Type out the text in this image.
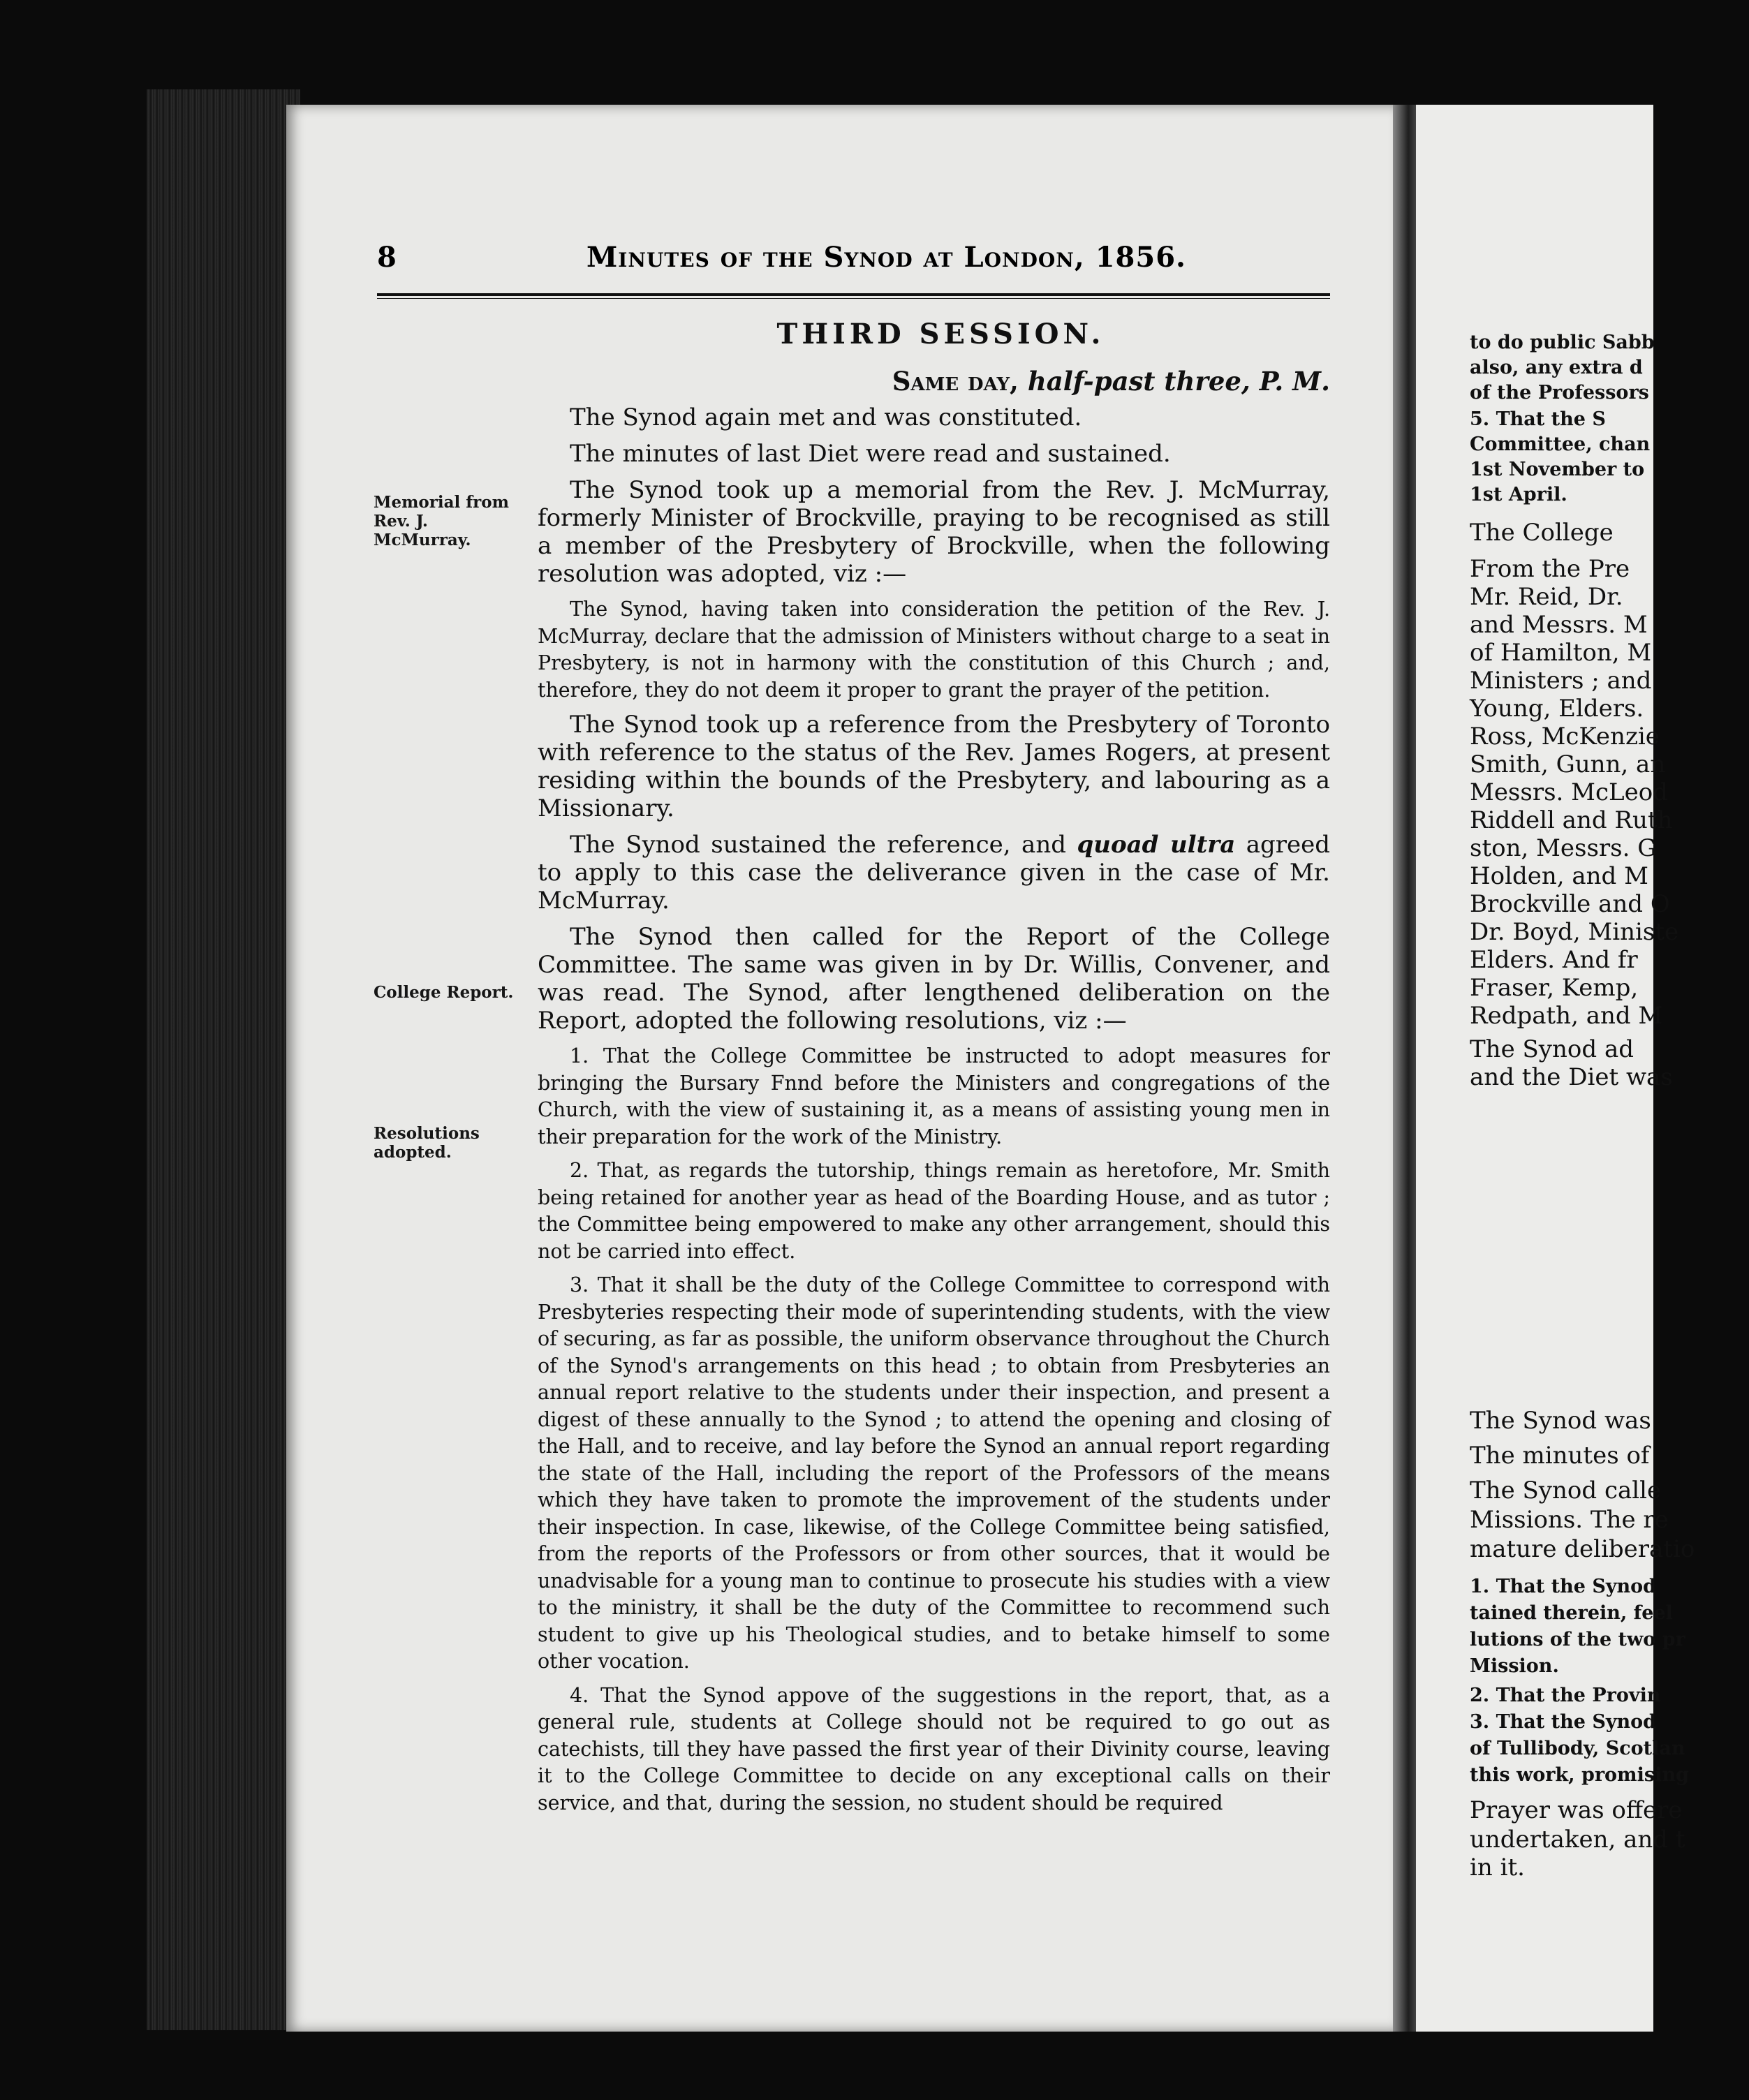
8	Minutes of the Synod at London, 1856.
Memorial from Rev. J. McMurray.
College Report.
Resolutions adopted.
THIRD SESSION.
Same day, half-past three, P. M.

The Synod again met and was constituted.

The minutes of last Diet were read and sustained.

The Synod took up a memorial from the Rev. J. McMurray, formerly Minister of Brockville, praying to be recognised as still a member of the Presbytery of Brockville, when the following resolution was adopted, viz :—

The Synod, having taken into consideration the petition of the Rev. J. McMurray, declare that the admission of Ministers without charge to a seat in Presbytery, is not in harmony with the constitution of this Church ; and, therefore, they do not deem it proper to grant the prayer of the petition.

The Synod took up a reference from the Presbytery of Toronto with reference to the status of the Rev. James Rogers, at present residing within the bounds of the Presbytery, and labouring as a Missionary.

The Synod sustained the reference, and quoad ultra agreed to apply to this case the deliverance given in the case of Mr. McMurray.

The Synod then called for the Report of the College Committee. The same was given in by Dr. Willis, Convener, and was read. The Synod, after lengthened deliberation on the Report, adopted the following resolutions, viz :—

1. That the College Committee be instructed to adopt measures for bringing the Bursary Fnnd before the Ministers and congregations of the Church, with the view of sustaining it, as a means of assisting young men in their preparation for the work of the Ministry.

2. That, as regards the tutorship, things remain as heretofore, Mr. Smith being retained for another year as head of the Boarding House, and as tutor ; the Committee being empowered to make any other arrangement, should this not be carried into effect.

3. That it shall be the duty of the College Committee to correspond with Presbyteries respecting their mode of superintending students, with the view of securing, as far as possible, the uniform observance throughout the Church of the Synod's arrangements on this head ; to obtain from Presbyteries an annual report relative to the students under their inspection, and present a digest of these annually to the Synod ; to attend the opening and closing of the Hall, and to receive, and lay before the Synod an annual report regarding the state of the Hall, including the report of the Professors of the means which they have taken to promote the improvement of the students under their inspection. In case, likewise, of the College Committee being satisfied, from the reports of the Professors or from other sources, that it would be unadvisable for a young man to continue to prosecute his studies with a view to the ministry, it shall be the duty of the Committee to recommend such student to give up his Theological studies, and to betake himself to some other vocation.

4. That the Synod appove of the suggestions in the report, that, as a general rule, students at College should not be required to go out as catechists, till they have passed the first year of their Divinity course, leaving it to the College Committee to decide on any exceptional calls on their service, and that, during the session, no student should be required

to do public Sabb
also, any extra d
of the Professors
5. That the S
Committee, chan
1st November to
1st April.
The College
From the Pre
Mr. Reid, Dr.
and Messrs. M
of Hamilton, M
Ministers ; and
Young, Elders.
Ross, McKenzie
Smith, Gunn, an
Messrs. McLeod
Riddell and Ruth
ston, Messrs. G
Holden, and M
Brockville and O
Dr. Boyd, Ministe
Elders. And fr
Fraser, Kemp,
Redpath, and M
The Synod ad
and the Diet was
The Synod was
The minutes of
The Synod calle
Missions. The re
mature deliberatio
1. That the Synod
tained therein, feel
lutions of the two pr
Mission.
2. That the Provin
3. That the Synod
of Tullibody, Scotlan
this work, promising
Prayer was offere
undertaken, and t
in it.
